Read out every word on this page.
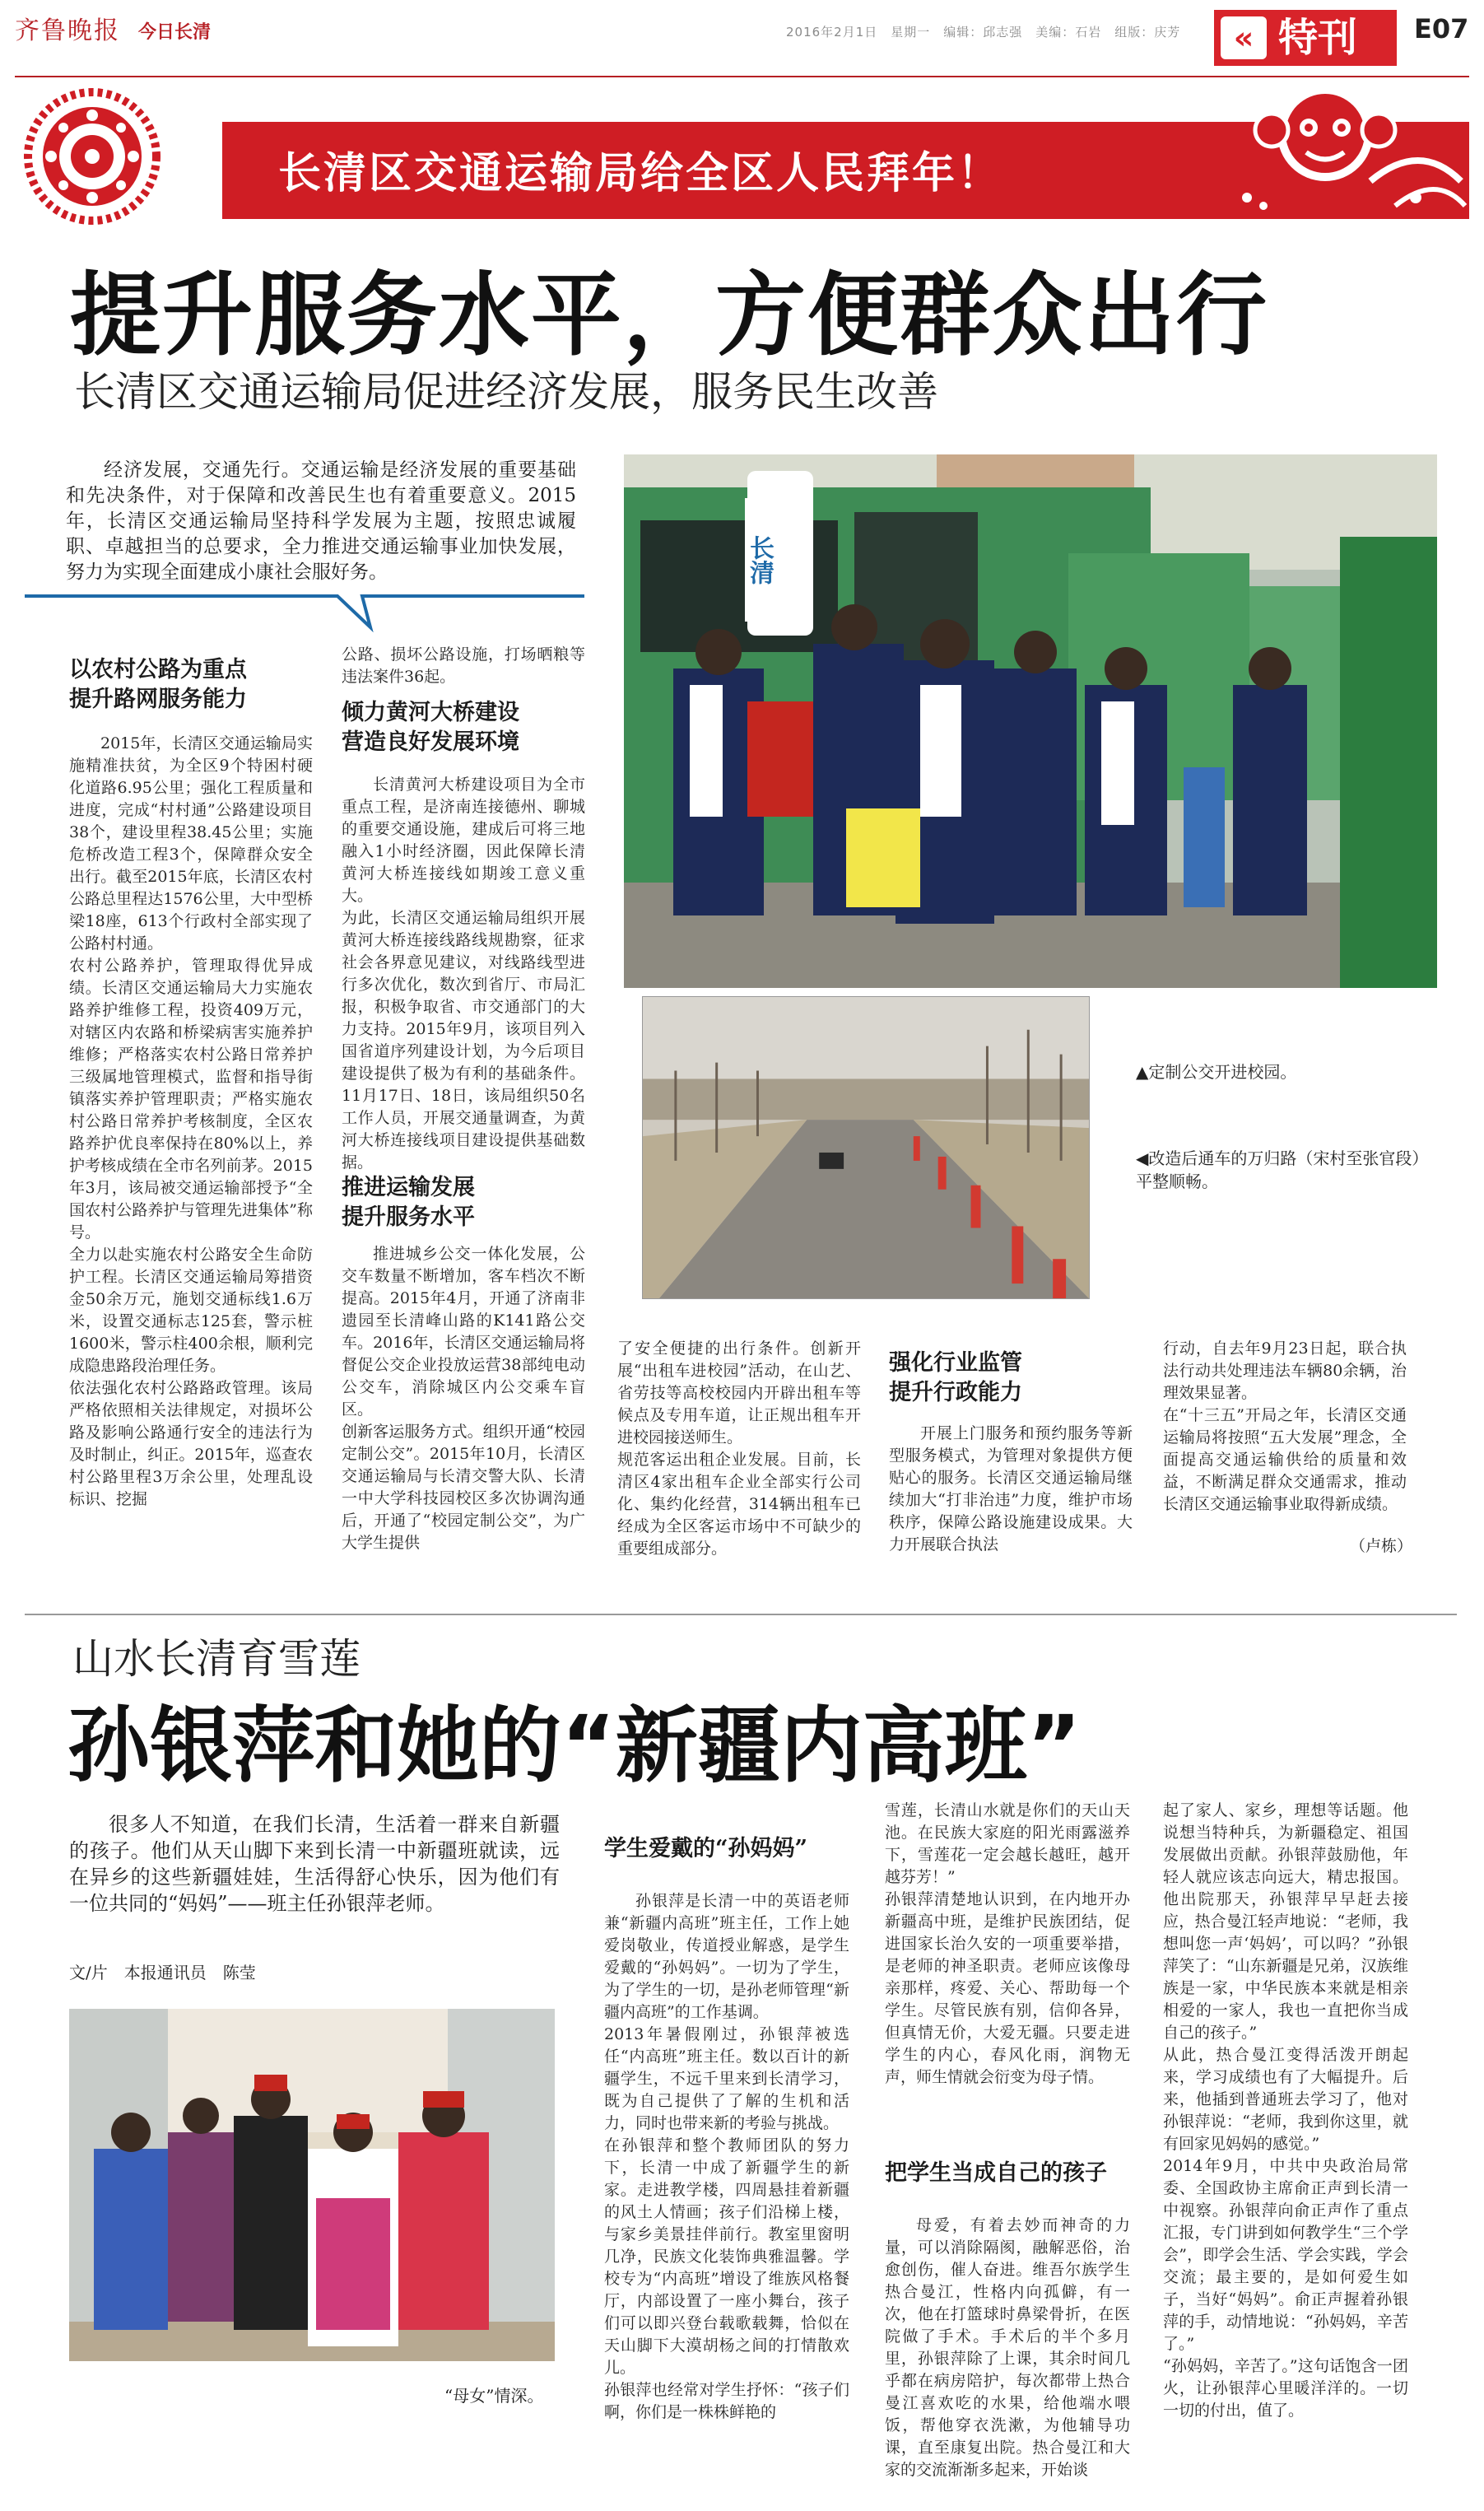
齐鲁晚报 今日长清	2016年2月1日　星期一　编辑：邱志强　美编：石岩　组版：庆芳	特刊
«	E07
长清区交通运输局给全区人民拜年！
提升服务水平，方便群众出行
长清区交通运输局促进经济发展，服务民生改善
经济发展，交通先行。交通运输是经济发展的重要基础和先决条件，对于保障和改善民生也有着重要意义。2015年，长清区交通运输局坚持科学发展为主题，按照忠诚履职、卓越担当的总要求，全力推进交通运输事业加快发展，努力为实现全面建成小康社会服好务。
以农村公路为重点
提升路网服务能力
2015年，长清区交通运输局实施精准扶贫，为全区9个特困村硬化道路6.95公里；强化工程质量和进度，完成“村村通”公路建设项目38个，建设里程38.45公里；实施危桥改造工程3个，保障群众安全出行。截至2015年底，长清区农村公路总里程达1576公里，大中型桥梁18座，613个行政村全部实现了公路村村通。
农村公路养护，管理取得优异成绩。长清区交通运输局大力实施农路养护维修工程，投资409万元，对辖区内农路和桥梁病害实施养护维修；严格落实农村公路日常养护三级属地管理模式，监督和指导街镇落实养护管理职责；严格实施农村公路日常养护考核制度，全区农路养护优良率保持在80%以上，养护考核成绩在全市名列前茅。2015年3月，该局被交通运输部授予“全国农村公路养护与管理先进集体”称号。
全力以赴实施农村公路安全生命防护工程。长清区交通运输局筹措资金50余万元，施划交通标线1.6万米，设置交通标志125套，警示桩1600米，警示柱400余根，顺利完成隐患路段治理任务。
依法强化农村公路路政管理。该局严格依照相关法律规定，对损坏公路及影响公路通行安全的违法行为及时制止，纠正。2015年，巡查农村公路里程3万余公里，处理乱设标识、挖掘
公路、损坏公路设施，打场晒粮等违法案件36起。
倾力黄河大桥建设
营造良好发展环境
长清黄河大桥建设项目为全市重点工程，是济南连接德州、聊城的重要交通设施，建成后可将三地融入1小时经济圈，因此保障长清黄河大桥连接线如期竣工意义重大。
为此，长清区交通运输局组织开展黄河大桥连接线路线规勘察，征求社会各界意见建议，对线路线型进行多次优化，数次到省厅、市局汇报，积极争取省、市交通部门的大力支持。2015年9月，该项目列入国省道序列建设计划，为今后项目建设提供了极为有利的基础条件。11月17日、18日，该局组织50名工作人员，开展交通量调查，为黄河大桥连接线项目建设提供基础数据。
推进运输发展
提升服务水平
推进城乡公交一体化发展，公交车数量不断增加，客车档次不断提高。2015年4月，开通了济南非遗园至长清峰山路的K141路公交车。2016年，长清区交通运输局将督促公交企业投放运营38部纯电动公交车，消除城区内公交乘车盲区。
创新客运服务方式。组织开通“校园定制公交”。2015年10月，长清区交通运输局与长清交警大队、长清一中大学科技园校区多次协调沟通后，开通了“校园定制公交”，为广大学生提供
长清
▲定制公交开进校园。
◀改造后通车的万归路（宋村至张官段）平整顺畅。
了安全便捷的出行条件。创新开展“出租车进校园”活动，在山艺、省劳技等高校校园内开辟出租车等候点及专用车道，让正规出租车开进校园接送师生。
规范客运出租企业发展。目前，长清区4家出租车企业全部实行公司化、集约化经营，314辆出租车已经成为全区客运市场中不可缺少的重要组成部分。
强化行业监管
提升行政能力
开展上门服务和预约服务等新型服务模式，为管理对象提供方便贴心的服务。长清区交通运输局继续加大“打非治违”力度，维护市场秩序，保障公路设施建设成果。大力开展联合执法
行动，自去年9月23日起，联合执法行动共处理违法车辆80余辆，治理效果显著。
在“十三五”开局之年，长清区交通运输局将按照“五大发展”理念，全面提高交通运输供给的质量和效益，不断满足群众交通需求，推动长清区交通运输事业取得新成绩。
（卢栋）
山水长清育雪莲
孙银萍和她的“新疆内高班”
很多人不知道，在我们长清，生活着一群来自新疆的孩子。他们从天山脚下来到长清一中新疆班就读，远在异乡的这些新疆娃娃，生活得舒心快乐，因为他们有一位共同的“妈妈”——班主任孙银萍老师。
文/片　本报通讯员　陈莹
“母女”情深。
学生爱戴的“孙妈妈”
孙银萍是长清一中的英语老师兼“新疆内高班”班主任，工作上她爱岗敬业，传道授业解惑，是学生爱戴的“孙妈妈”。一切为了学生，为了学生的一切，是孙老师管理“新疆内高班”的工作基调。
2013年暑假刚过，孙银萍被选任“内高班”班主任。数以百计的新疆学生，不远千里来到长清学习，既为自己提供了了解的生机和活力，同时也带来新的考验与挑战。
在孙银萍和整个教师团队的努力下，长清一中成了新疆学生的新家。走进教学楼，四周悬挂着新疆的风土人情画；孩子们沿梯上楼，与家乡美景挂伴前行。教室里窗明几净，民族文化装饰典雅温馨。学校专为“内高班”增设了维族风格餐厅，内部设置了一座小舞台，孩子们可以即兴登台载歌载舞，恰似在天山脚下大漠胡杨之间的打情散欢儿。
孙银萍也经常对学生抒怀：“孩子们啊，你们是一株株鲜艳的
雪莲，长清山水就是你们的天山天池。在民族大家庭的阳光雨露滋养下，雪莲花一定会越长越旺，越开越芬芳！”
孙银萍清楚地认识到，在内地开办新疆高中班，是维护民族团结，促进国家长治久安的一项重要举措，是老师的神圣职责。老师应该像母亲那样，疼爱、关心、帮助每一个学生。尽管民族有别，信仰各异，但真情无价，大爱无疆。只要走进学生的内心，春风化雨，润物无声，师生情就会衍变为母子情。
把学生当成自己的孩子
母爱，有着去妙而神奇的力量，可以消除隔阂，融解恶俗，治愈创伤，催人奋进。维吾尔族学生热合曼江，性格内向孤僻，有一次，他在打篮球时鼻梁骨折，在医院做了手术。手术后的半个多月里，孙银萍除了上课，其余时间几乎都在病房陪护，每次都带上热合曼江喜欢吃的水果，给他端水喂饭，帮他穿衣洗漱，为他辅导功课，直至康复出院。热合曼江和大家的交流渐渐多起来，开始谈
起了家人、家乡，理想等话题。他说想当特种兵，为新疆稳定、祖国发展做出贡献。孙银萍鼓励他，年轻人就应该志向远大，精忠报国。他出院那天，孙银萍早早赶去接应，热合曼江轻声地说：“老师，我想叫您一声‘妈妈’，可以吗？”孙银萍笑了：“山东新疆是兄弟，汉族维族是一家，中华民族本来就是相亲相爱的一家人，我也一直把你当成自己的孩子。”
从此，热合曼江变得活泼开朗起来，学习成绩也有了大幅提升。后来，他插到普通班去学习了，他对孙银萍说：“老师，我到你这里，就有回家见妈妈的感觉。”
2014年9月，中共中央政治局常委、全国政协主席俞正声到长清一中视察。孙银萍向俞正声作了重点汇报，专门讲到如何教学生“三个学会”，即学会生活、学会实践，学会交流；最主要的，是如何爱生如子，当好“妈妈”。俞正声握着孙银萍的手，动情地说：“孙妈妈，辛苦了。”
“孙妈妈，辛苦了。”这句话饱含一团火，让孙银萍心里暖洋洋的。一切一切的付出，值了。
